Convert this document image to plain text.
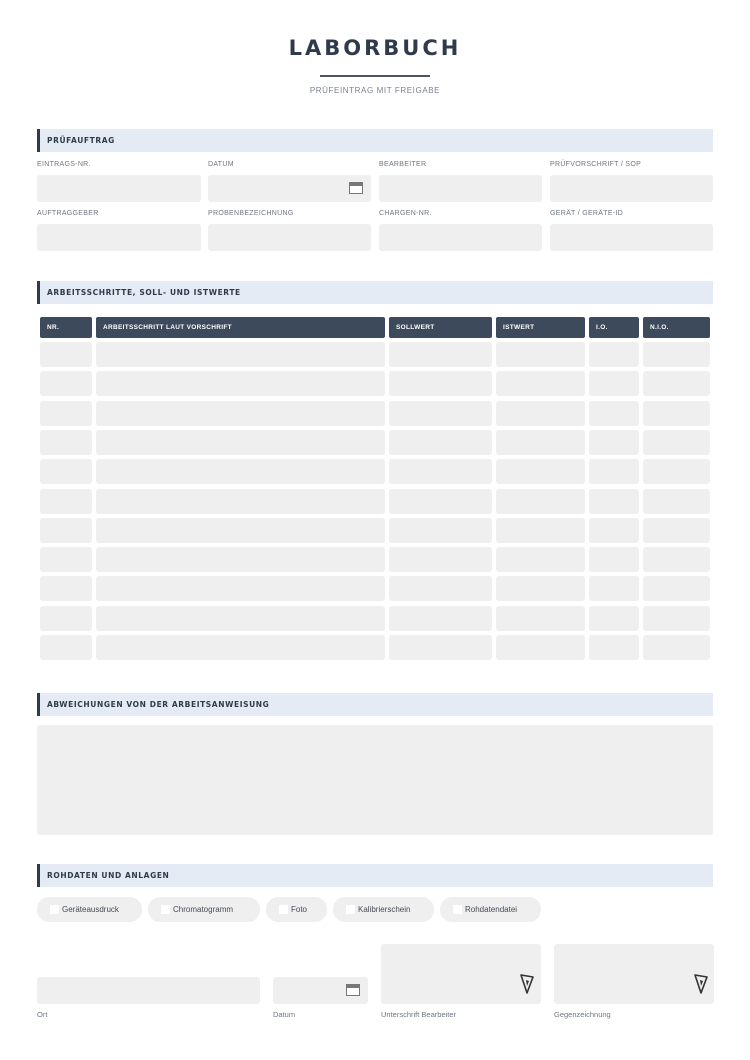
LABORBUCH
PRÜFEINTRAG MIT FREIGABE
PRÜFAUFTRAG
EINTRAGS-NR.	DATUM	BEARBEITER	PRÜFVORSCHRIFT / SOP
AUFTRAGGEBER	PROBENBEZEICHNUNG	CHARGEN-NR.	GERÄT / GERÄTE-ID
ARBEITSSCHRITTE, SOLL- UND ISTWERTE
NR.	ARBEITSSCHRITT LAUT VORSCHRIFT	SOLLWERT	ISTWERT	I.O.	N.I.O.
ABWEICHUNGEN VON DER ARBEITSANWEISUNG
ROHDATEN UND ANLAGEN
Geräteausdruck	Chromatogramm	Foto	Kalibrierschein	Rohdatendatei
Ort	Datum	Unterschrift Bearbeiter	Gegenzeichnung
